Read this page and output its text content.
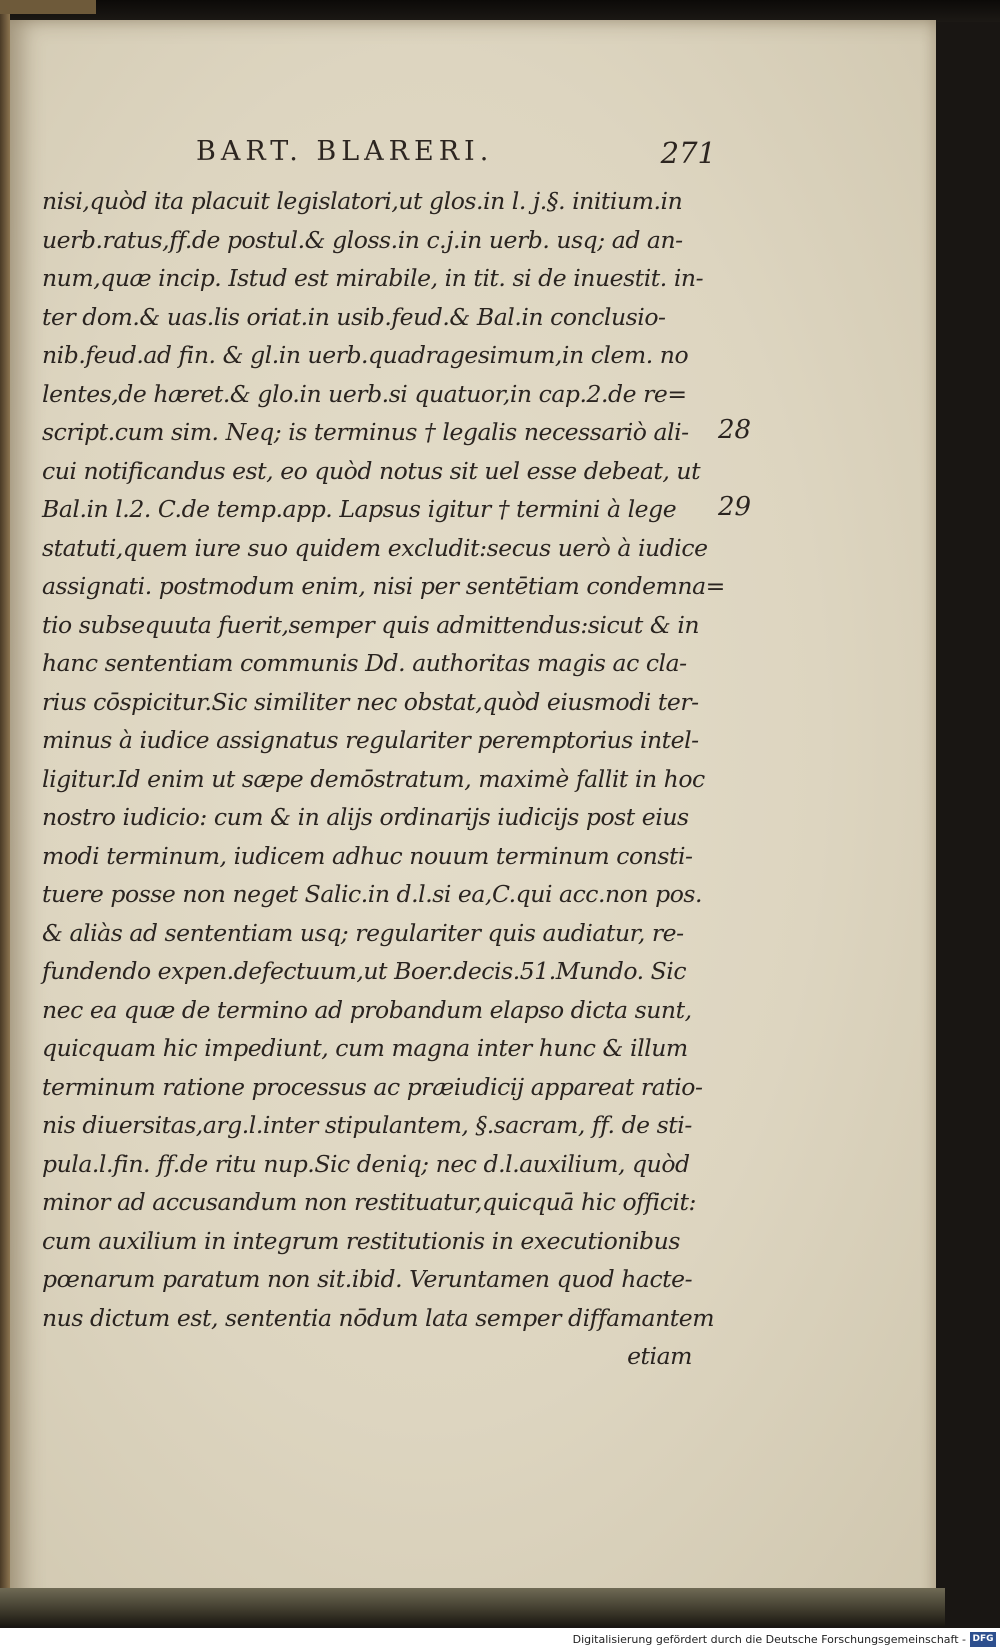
BART. BLARERI.	271
nisi,quòd ita placuit legislatori,ut glos.in l. j.§. initium.in
uerb.ratus,ff.de postul.& gloss.in c.j.in uerb. usq; ad an-
num,quæ incip. Istud est mirabile, in tit. si de inuestit. in-
ter dom.& uas.lis oriat.in usib.feud.& Bal.in conclusio-
nib.feud.ad fin. & gl.in uerb.quadragesimum,in clem. no
lentes,de hæret.& glo.in uerb.si quatuor,in cap.2.de re=
script.cum sim. Neq; is terminus † legalis necessariò ali-
cui notificandus est, eo quòd notus sit uel esse debeat, ut
Bal.in l.2. C.de temp.app. Lapsus igitur † termini à lege
statuti,quem iure suo quidem excludit:secus uerò à iudice
assignati. postmodum enim, nisi per sentētiam condemna=
tio subsequuta fuerit,semper quis admittendus:sicut & in
hanc sententiam communis Dd. authoritas magis ac cla-
rius cōspicitur.Sic similiter nec obstat,quòd eiusmodi ter-
minus à iudice assignatus regulariter peremptorius intel-
ligitur.Id enim ut sæpe demōstratum, maximè fallit in hoc
nostro iudicio: cum & in alijs ordinarijs iudicijs post eius
modi terminum, iudicem adhuc nouum terminum consti-
tuere posse non neget Salic.in d.l.si ea,C.qui acc.non pos.
& aliàs ad sententiam usq; regulariter quis audiatur, re-
fundendo expen.defectuum,ut Boer.decis.51.Mundo. Sic
nec ea quæ de termino ad probandum elapso dicta sunt,
quicquam hic impediunt, cum magna inter hunc & illum
terminum ratione processus ac præiudicij appareat ratio-
nis diuersitas,arg.l.inter stipulantem, §.sacram, ff. de sti-
pula.l.fin. ff.de ritu nup.Sic deniq; nec d.l.auxilium, quòd
minor ad accusandum non restituatur,quicquā hic officit:
cum auxilium in integrum restitutionis in executionibus
pœnarum paratum non sit.ibid. Veruntamen quod hacte-
nus dictum est, sententia nōdum lata semper diffamantem
etiam
28
29
Digitalisierung gefördert durch die Deutsche Forschungsgemeinschaft - DFG
